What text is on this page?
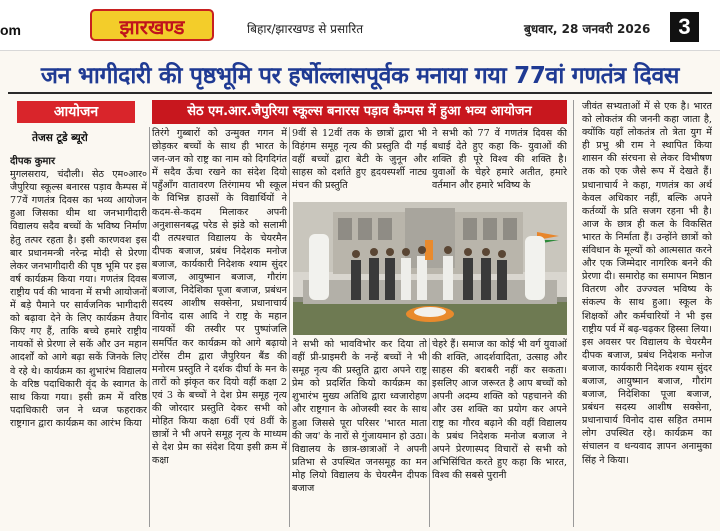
om	झारखण्ड	बिहार/झारखण्ड से प्रसारित	बुधवार, 28 जनवरी 2026	3
जन भागीदारी की पृष्ठभूमि पर हर्षोल्लासपूर्वक मनाया गया 77वां गणतंत्र दिवस
आयोजन	सेठ एम.आर.जैपुरिया स्कूल्स बनारस पड़ाव कैम्पस में हुआ भव्य आयोजन
तेजस टूडे ब्यूरो
दीपक कुमार

मुगलसराय, चंदौली। सेठ एम०आर० जैपुरिया स्कूल्स बनारस पड़ाव कैम्पस में 77वें गणतंत्र दिवस का भव्य आयोजन हुआ जिसका थीम था जनभागीदारी विद्यालय सदैव बच्चों के भविष्य निर्माण हेतु तत्पर रहता है। इसी कारणवश इस बार प्रधानमन्त्री नरेन्द्र मोदी से प्रेरणा लेकर जनभागीदारी की पृष्ठ भूमि पर इस वर्ष कार्यक्रम किया गया। गणतंत्र दिवस राष्ट्रीय पर्व की भावना में सभी आयोजनों में बड़े पैमाने पर सार्वजनिक भागीदारी को बढ़ावा देने के लिए कार्यक्रम तैयार किए गए हैं, ताकि बच्चे हमारे राष्ट्रीय नायकों से प्रेरणा ले सकें और उन महान आदर्शों को आगे बढ़ा सकें जिनके लिए वे रहे थे। कार्यक्रम का शुभारंभ विद्यालय के वरिष्ठ पदाधिकारी वृंद के स्वागत के साथ किया गया। इसी क्रम में वरिष्ठ पदाधिकारी जन ने ध्वज फहराकर राष्ट्रगान द्वारा कार्यक्रम का आरंभ किया

तिरंगे गुब्बारों को उन्मुक्त गगन में छोड़कर बच्चों के साथ ही भारत के जन-जन को राष्ट्र का नाम को दिगदिगंत में सदैव ऊँचा रखने का संदेश दियो पहुँआँग वातावरण तिरंगामय भी स्कूल के विभिन्न हाउसों के विद्यार्थियों ने कदम-से-कदम मिलाकर अपनी अनुशासनबद्ध परेड से झंडे को सलामी दी तत्पश्चात विद्यालय के चेयरमैन दीपक बजाज, प्रबंध निदेशक मनोज बजाज, कार्यकारी निदेशक श्याम सुंदर बजाज, आयुष्मान बजाज, गौरांग बजाज, निदेशिका पूजा बजाज, प्रबंधन सदस्य आशीष सक्सेना, प्रधानाचार्य विनोद दास आदि ने राष्ट्र के महान नायकों की तस्वीर पर पुष्पांजलि समर्पित कर कार्यक्रम को आगे बढ़ायो टोरेंस टीम द्वारा जैपुरियन बैंड की मनोरम प्रस्तुति ने दर्शक दीर्घा के मन के तारों को झंकृत कर दियो वहीं कक्षा 2 एवं 3 के बच्चों ने देश प्रेम समूह नृत्य की जोरदार प्रस्तुति देकर सभी को मोहित किया कक्षा 6वीं एवं 8वीं के छात्रों ने भी अपने समूह नृत्य के माध्यम से देश प्रेम का संदेश दिया इसी क्रम में कक्षा

9वीं से 12वीं तक के छात्रों द्वारा भी विहंगम समूह नृत्य की प्रस्तुति दी गई वहीं बच्चों द्वारा बेटी के जुनून और साहस को दर्शाते हुए हृदयस्पर्शी नाट्य मंचन की प्रस्तुति

ने सभी को 77 वें गणतंत्र दिवस की बधाई देते हुए कहा कि- युवाओं की शक्ति ही पूरे विश्व की शक्ति है। युवाओं के चेहरे हमारे अतीत, हमारे वर्तमान और हमारे भविष्य के

ने सभी को भावविभोर कर दिया तो वहीं प्री-प्राइमरी के नन्हें बच्चों ने भी समूह नृत्य की प्रस्तुति द्वारा अपने राष्ट्र प्रेम को प्रदर्शित कियो कार्यक्रम का शुभारंभ मुख्य अतिथि द्वारा ध्वजारोहण और राष्ट्रगान के ओजस्वी स्वर के साथ हुआ जिससे पूरा परिसर 'भारत माता की जय' के नारों से गुंजायमान हो उठा। विद्यालय के छात्र-छात्राओं ने अपनी प्रतिभा से उपस्थित जनसमूह का मन मोह लियो विद्यालय के चेयरमैन दीपक बजाज

चेहरे हैं। समाज का कोई भी वर्ग युवाओं की शक्ति, आदर्शवादिता, उत्साह और साहस की बराबरी नहीं कर सकता। इसलिए आज जरूरत है आप बच्चों को अपनी अदम्य शक्ति को पहचानने की और उस शक्ति का प्रयोग कर अपने राष्ट्र का गौरव बढ़ाने की वहीं विद्यालय के प्रबंध निदेशक मनोज बजाज ने अपने प्रेरणास्पद विचारों से सभी को अभिसिंचित करते हुए कहा कि भारत, विश्व की सबसे पुरानी

जीवंत सभ्यताओं में से एक है। भारत को लोकतंत्र की जननी कहा जाता है, क्योंकि यहाँ लोकतंत्र तो त्रेता युग में ही प्रभु श्री राम ने स्थापित किया शासन की संरचना से लेकर विभीषण तक को एक जैसे रूप में देखते हैं। प्रधानाचार्य ने कहा, गणतंत्र का अर्थ केवल अधिकार नहीं, बल्कि अपने कर्तव्यों के प्रति सजग रहना भी है। आज के छात्र ही कल के विकसित भारत के निर्माता हैं। उन्होंने छात्रों को संविधान के मूल्यों को आत्मसात करने और एक जिम्मेदार नागरिक बनने की प्रेरणा दी। समारोह का समापन मिष्ठान वितरण और उज्ज्वल भविष्य के संकल्प के साथ हुआ। स्कूल के शिक्षकों और कर्मचारियों ने भी इस राष्ट्रीय पर्व में बढ़-चढ़कर हिस्सा लिया। इस अवसर पर विद्यालय के चेयरमैन दीपक बजाज, प्रबंध निदेशक मनोज बजाज, कार्यकारी निदेशक श्याम सुंदर बजाज, आयुष्मान बजाज, गौरांग बजाज, निदेशिका पूजा बजाज, प्रबंधन सदस्य आशीष सक्सेना, प्रधानाचार्य विनोद दास सहित तमाम लोग उपस्थित रहे। कार्यक्रम का संचालन व धन्यवाद ज्ञापन अनामुका सिंह ने किया।
